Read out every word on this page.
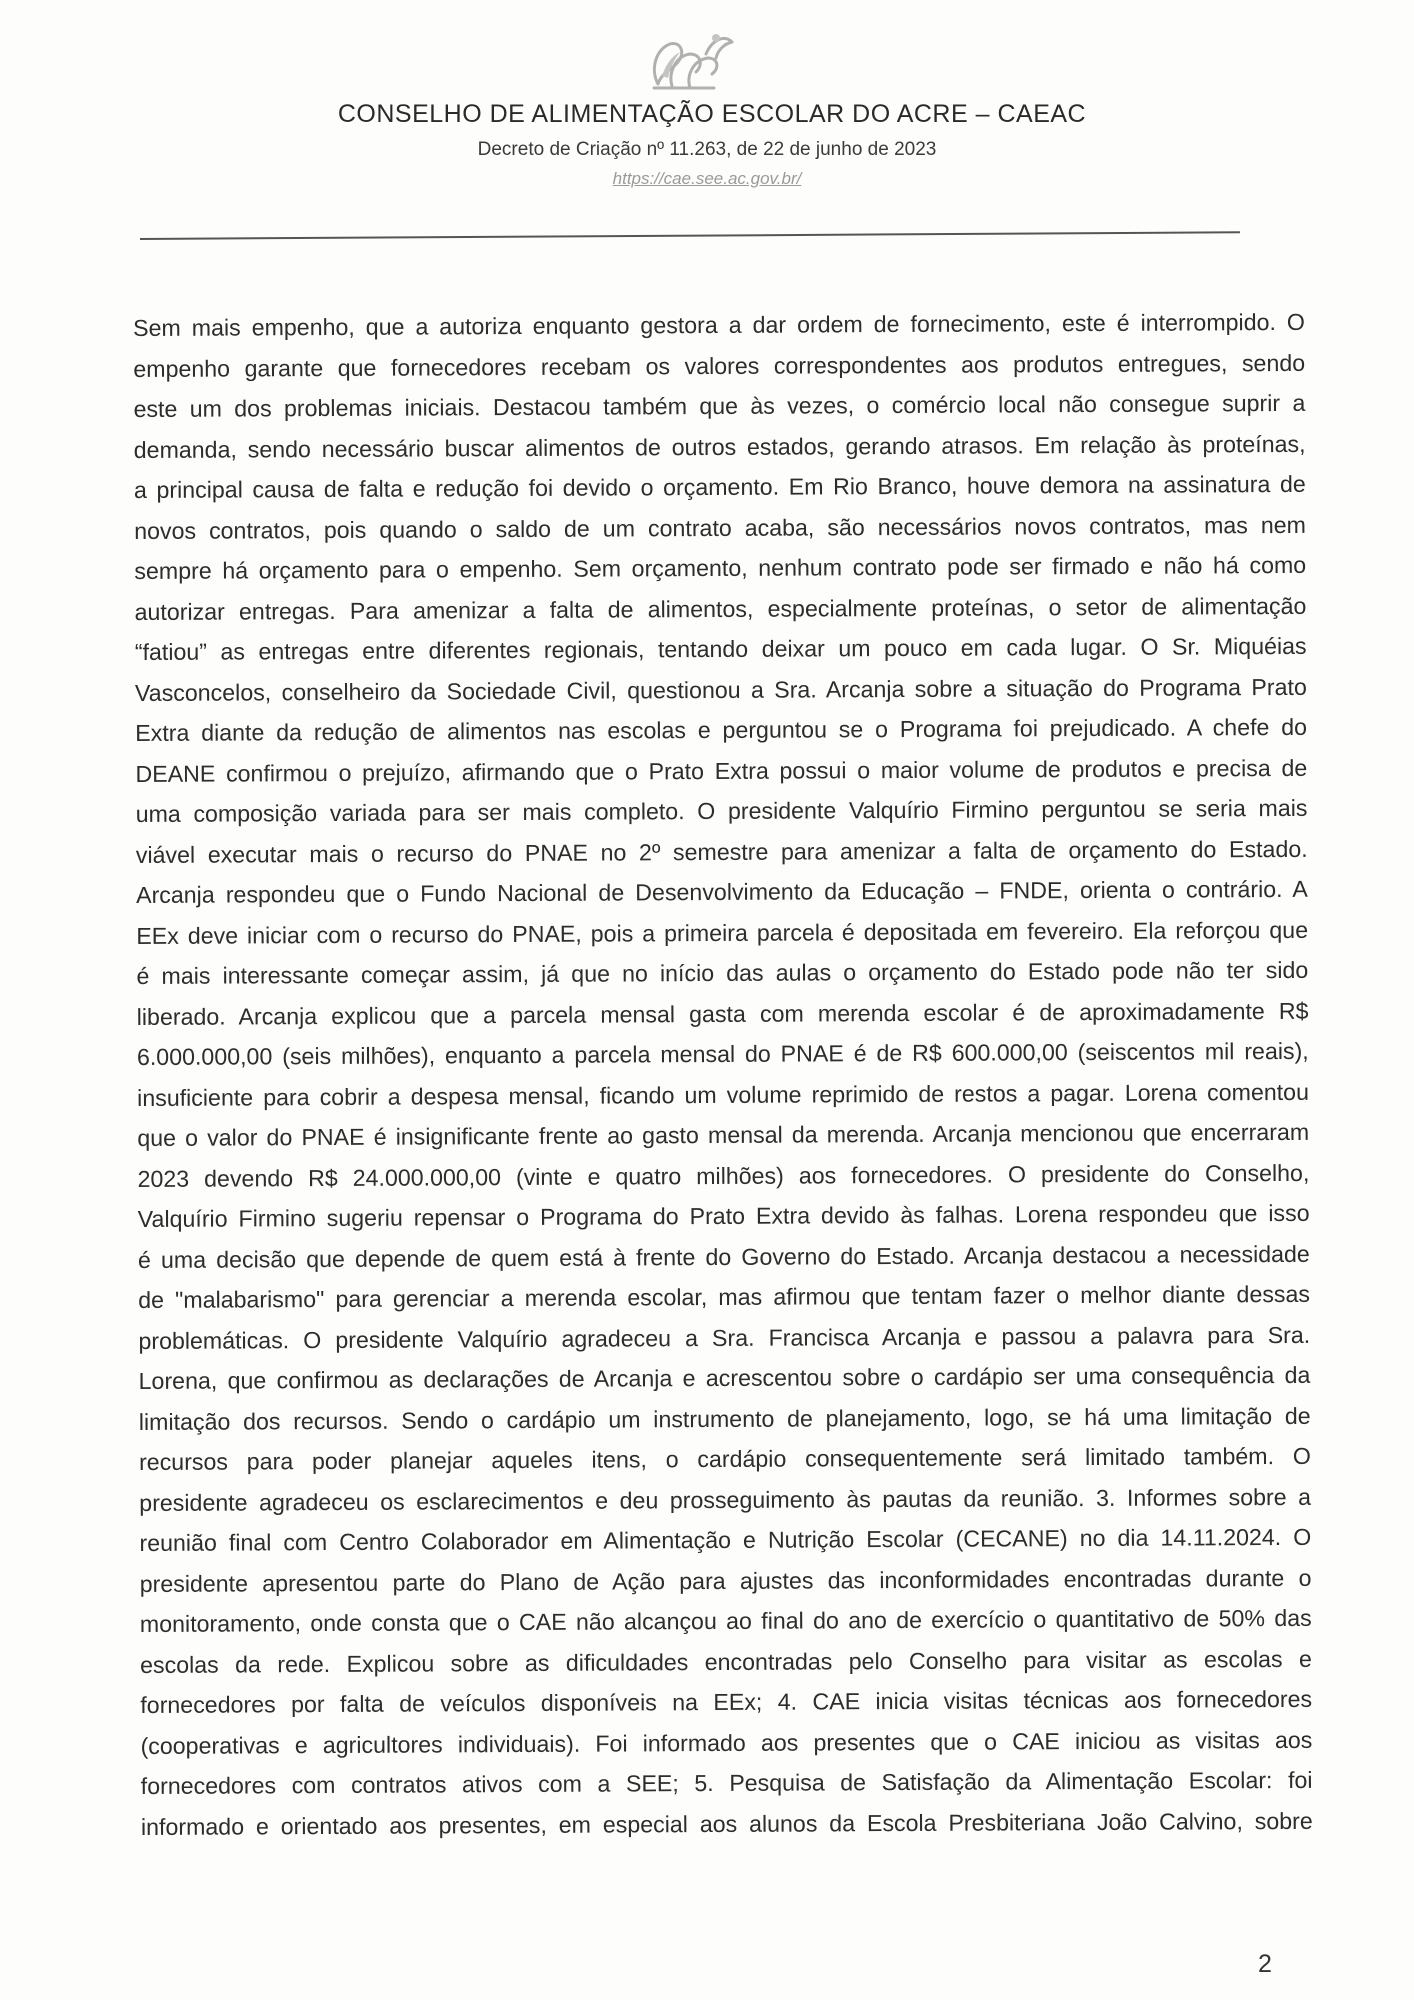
CONSELHO DE ALIMENTAÇÃO ESCOLAR DO ACRE – CAEAC
Decreto de Criação nº 11.263, de 22 de junho de 2023
https://cae.see.ac.gov.br/
Sem mais empenho, que a autoriza enquanto gestora a dar ordem de fornecimento, este é interrompido. O
empenho garante que fornecedores recebam os valores correspondentes aos produtos entregues, sendo
este um dos problemas iniciais. Destacou também que às vezes, o comércio local não consegue suprir a
demanda, sendo necessário buscar alimentos de outros estados, gerando atrasos. Em relação às proteínas,
a principal causa de falta e redução foi devido o orçamento. Em Rio Branco, houve demora na assinatura de
novos contratos, pois quando o saldo de um contrato acaba, são necessários novos contratos, mas nem
sempre há orçamento para o empenho. Sem orçamento, nenhum contrato pode ser firmado e não há como
autorizar entregas. Para amenizar a falta de alimentos, especialmente proteínas, o setor de alimentação
“fatiou” as entregas entre diferentes regionais, tentando deixar um pouco em cada lugar. O Sr. Miquéias
Vasconcelos, conselheiro da Sociedade Civil, questionou a Sra. Arcanja sobre a situação do Programa Prato
Extra diante da redução de alimentos nas escolas e perguntou se o Programa foi prejudicado. A chefe do
DEANE confirmou o prejuízo, afirmando que o Prato Extra possui o maior volume de produtos e precisa de
uma composição variada para ser mais completo. O presidente Valquírio Firmino perguntou se seria mais
viável executar mais o recurso do PNAE no 2º semestre para amenizar a falta de orçamento do Estado.
Arcanja respondeu que o Fundo Nacional de Desenvolvimento da Educação – FNDE, orienta o contrário. A
EEx deve iniciar com o recurso do PNAE, pois a primeira parcela é depositada em fevereiro. Ela reforçou que
é mais interessante começar assim, já que no início das aulas o orçamento do Estado pode não ter sido
liberado. Arcanja explicou que a parcela mensal gasta com merenda escolar é de aproximadamente R$
6.000.000,00 (seis milhões), enquanto a parcela mensal do PNAE é de R$ 600.000,00 (seiscentos mil reais),
insuficiente para cobrir a despesa mensal, ficando um volume reprimido de restos a pagar. Lorena comentou
que o valor do PNAE é insignificante frente ao gasto mensal da merenda. Arcanja mencionou que encerraram
2023 devendo R$ 24.000.000,00 (vinte e quatro milhões) aos fornecedores. O presidente do Conselho,
Valquírio Firmino sugeriu repensar o Programa do Prato Extra devido às falhas. Lorena respondeu que isso
é uma decisão que depende de quem está à frente do Governo do Estado. Arcanja destacou a necessidade
de "malabarismo" para gerenciar a merenda escolar, mas afirmou que tentam fazer o melhor diante dessas
problemáticas. O presidente Valquírio agradeceu a Sra. Francisca Arcanja e passou a palavra para Sra.
Lorena, que confirmou as declarações de Arcanja e acrescentou sobre o cardápio ser uma consequência da
limitação dos recursos. Sendo o cardápio um instrumento de planejamento, logo, se há uma limitação de
recursos para poder planejar aqueles itens, o cardápio consequentemente será limitado também. O
presidente agradeceu os esclarecimentos e deu prosseguimento às pautas da reunião. 3. Informes sobre a
reunião final com Centro Colaborador em Alimentação e Nutrição Escolar (CECANE) no dia 14.11.2024. O
presidente apresentou parte do Plano de Ação para ajustes das inconformidades encontradas durante o
monitoramento, onde consta que o CAE não alcançou ao final do ano de exercício o quantitativo de 50% das
escolas da rede. Explicou sobre as dificuldades encontradas pelo Conselho para visitar as escolas e
fornecedores por falta de veículos disponíveis na EEx; 4. CAE inicia visitas técnicas aos fornecedores
(cooperativas e agricultores individuais). Foi informado aos presentes que o CAE iniciou as visitas aos
fornecedores com contratos ativos com a SEE; 5. Pesquisa de Satisfação da Alimentação Escolar: foi
informado e orientado aos presentes, em especial aos alunos da Escola Presbiteriana João Calvino, sobre
2
